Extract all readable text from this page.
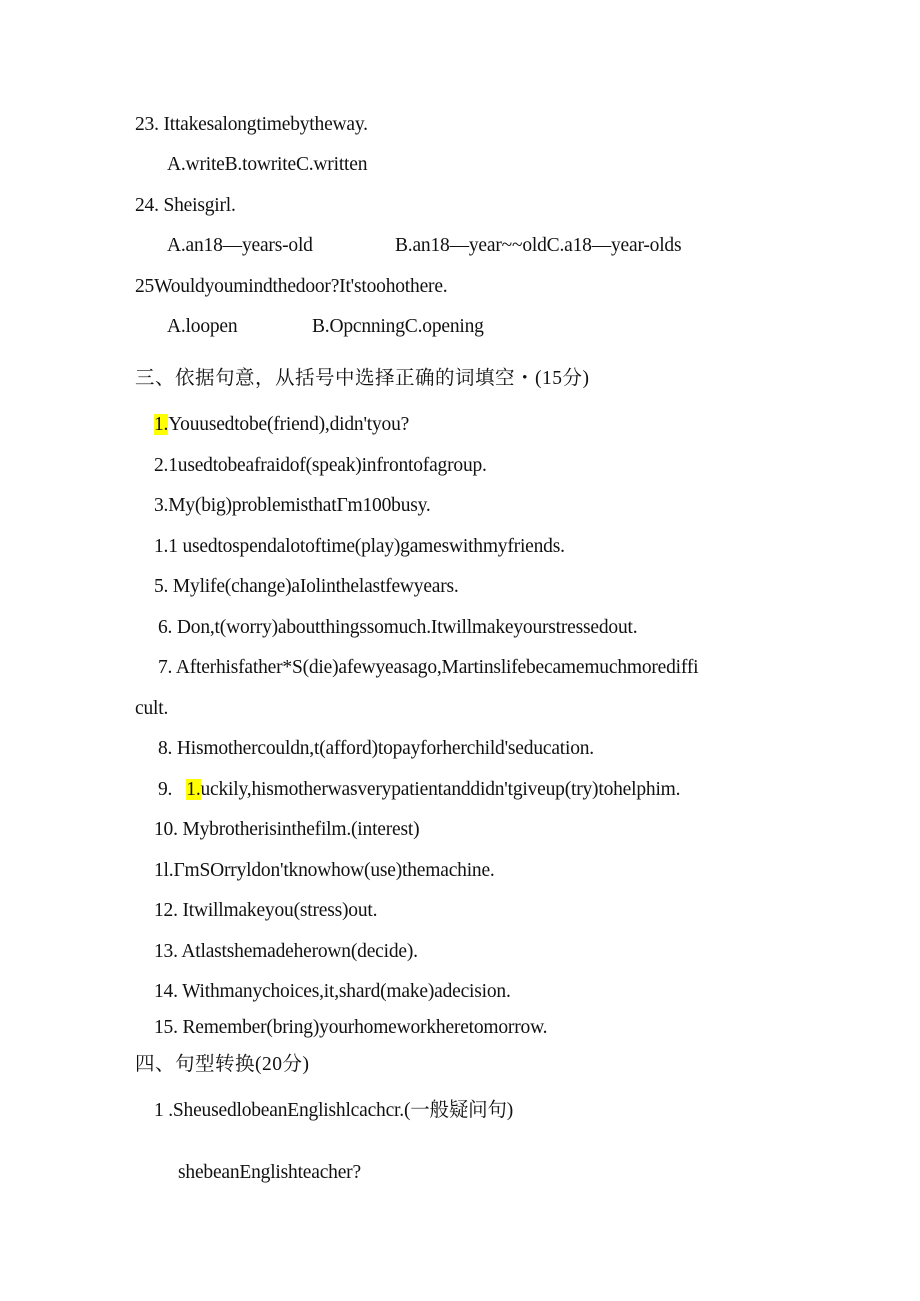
23. Ittakesalongtimebytheway.
A.writeB.towriteC.written
24. Sheisgirl.
A.an18—years-old	B.an18—year~~oldC.a18—year-olds
25Wouldyoumindthedoor?It'stoohothere.
A.loopen	B.OpcnningC.opening
三、依据句意，从括号中选择正确的词填空・(15分)
1.Youusedtobe(friend),didn'tyou?
2.1usedtobeafraidof(speak)infrontofagroup.
3.My(big)problemisthatΓm100busy.
1.1 usedtospendalotoftime(play)gameswithmyfriends.
5. Mylife(change)aIolinthelastfewyears.
6. Don,t(worry)aboutthingssomuch.Itwillmakeyourstressedout.
7. Afterhisfather*S(die)afewyeasago,Martinslifebecamemuchmorediffi
cult.
8. Hismothercouldn,t(afford)topayforherchild'seducation.
9.   1.uckily,hismotherwasverypatientanddidn'tgiveup(try)tohelphim.
10. Mybrotherisinthefilm.(interest)
1l.ΓmSOrryldon'tknowhow(use)themachine.
12. Itwillmakeyou(stress)out.
13. Atlastshemadeherown(decide).
14. Withmanychoices,it,shard(make)adecision.
15. Remember(bring)yourhomeworkheretomorrow.
四、句型转换(20分)
1 .SheusedlobeanEnglishlcachcr.(一般疑问句)
shebeanEnglishteacher?
